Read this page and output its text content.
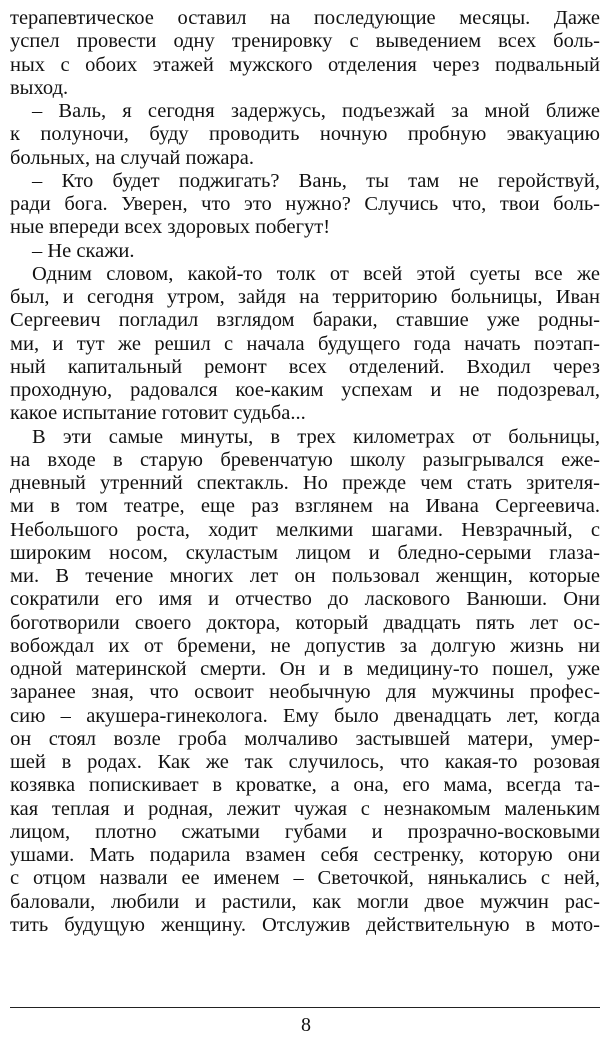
терапевтическое оставил на последующие месяцы. Даже
успел провести одну тренировку с выведением всех боль-
ных с обоих этажей мужского отделения через подвальный
выход.
– Валь, я сегодня задержусь, подъезжай за мной ближе
к полуночи, буду проводить ночную пробную эвакуацию
больных, на случай пожара.
– Кто будет поджигать? Вань, ты там не геройствуй,
ради бога. Уверен, что это нужно? Случись что, твои боль-
ные впереди всех здоровых побегут!
– Не скажи.
Одним словом, какой-то толк от всей этой суеты все же
был, и сегодня утром, зайдя на территорию больницы, Иван
Сергеевич погладил взглядом бараки, ставшие уже родны-
ми, и тут же решил с начала будущего года начать поэтап-
ный капитальный ремонт всех отделений. Входил через
проходную, радовался кое-каким успехам и не подозревал,
какое испытание готовит судьба...
В эти самые минуты, в трех километрах от больницы,
на входе в старую бревенчатую школу разыгрывался еже-
дневный утренний спектакль. Но прежде чем стать зрителя-
ми в том театре, еще раз взглянем на Ивана Сергеевича.
Небольшого роста, ходит мелкими шагами. Невзрачный, с
широким носом, скуластым лицом и бледно-серыми глаза-
ми. В течение многих лет он пользовал женщин, которые
сократили его имя и отчество до ласкового Ванюши. Они
боготворили своего доктора, который двадцать пять лет ос-
вобождал их от бремени, не допустив за долгую жизнь ни
одной материнской смерти. Он и в медицину-то пошел, уже
заранее зная, что освоит необычную для мужчины профес-
сию – акушера-гинеколога. Ему было двенадцать лет, когда
он стоял возле гроба молчаливо застывшей матери, умер-
шей в родах. Как же так случилось, что какая-то розовая
козявка попискивает в кроватке, а она, его мама, всегда та-
кая теплая и родная, лежит чужая с незнакомым маленьким
лицом, плотно сжатыми губами и прозрачно-восковыми
ушами. Мать подарила взамен себя сестренку, которую они
с отцом назвали ее именем – Светочкой, нянькались с ней,
баловали, любили и растили, как могли двое мужчин рас-
тить будущую женщину. Отслужив действительную в мото-
8
